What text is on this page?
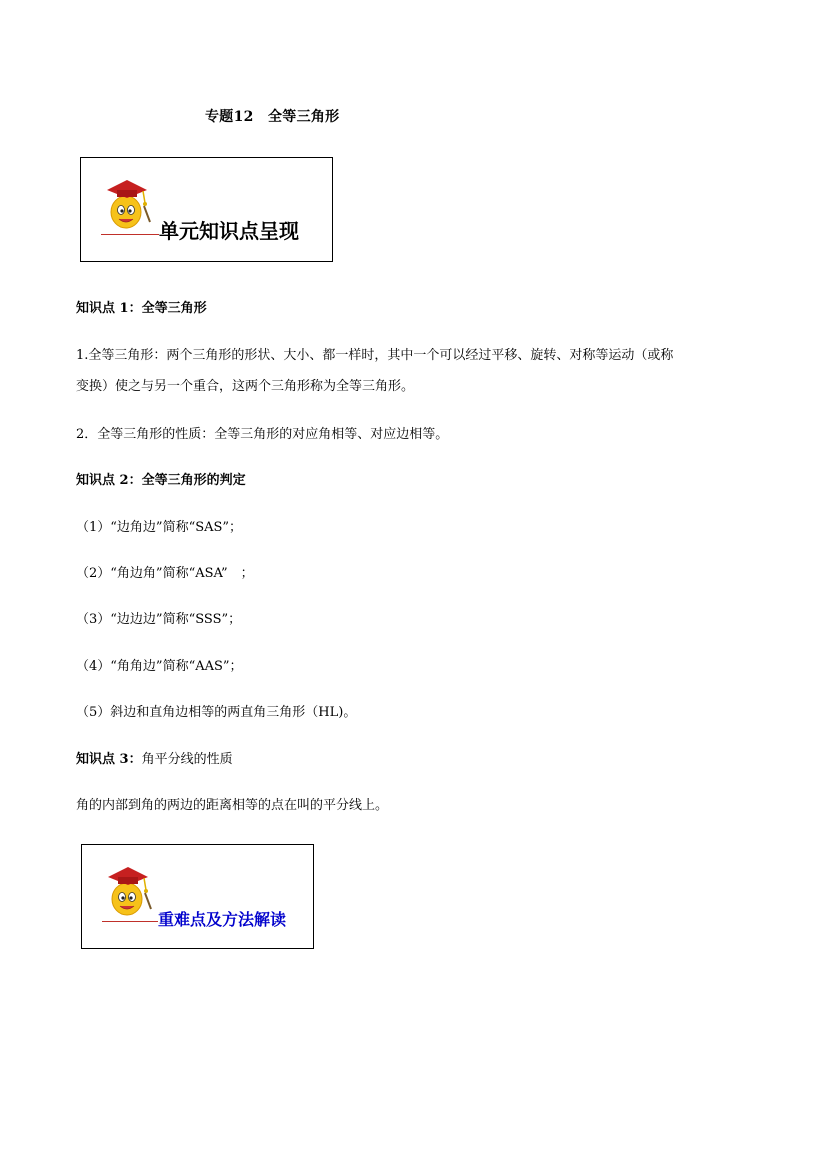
专题12　全等三角形
单元知识点呈现
知识点 1：全等三角形
1.全等三角形：两个三角形的形状、大小、都一样时，其中一个可以经过平移、旋转、对称等运动（或称
变换）使之与另一个重合，这两个三角形称为全等三角形。
2．全等三角形的性质：全等三角形的对应角相等、对应边相等。
知识点 2：全等三角形的判定
（1）“边角边”简称“SAS”；
（2）“角边角”简称“ASA”　；
（3）“边边边”简称“SSS”；
（4）“角角边”简称“AAS”；
（5）斜边和直角边相等的两直角三角形（HL)。
知识点 3：角平分线的性质
角的内部到角的两边的距离相等的点在叫的平分线上。
重难点及方法解读
